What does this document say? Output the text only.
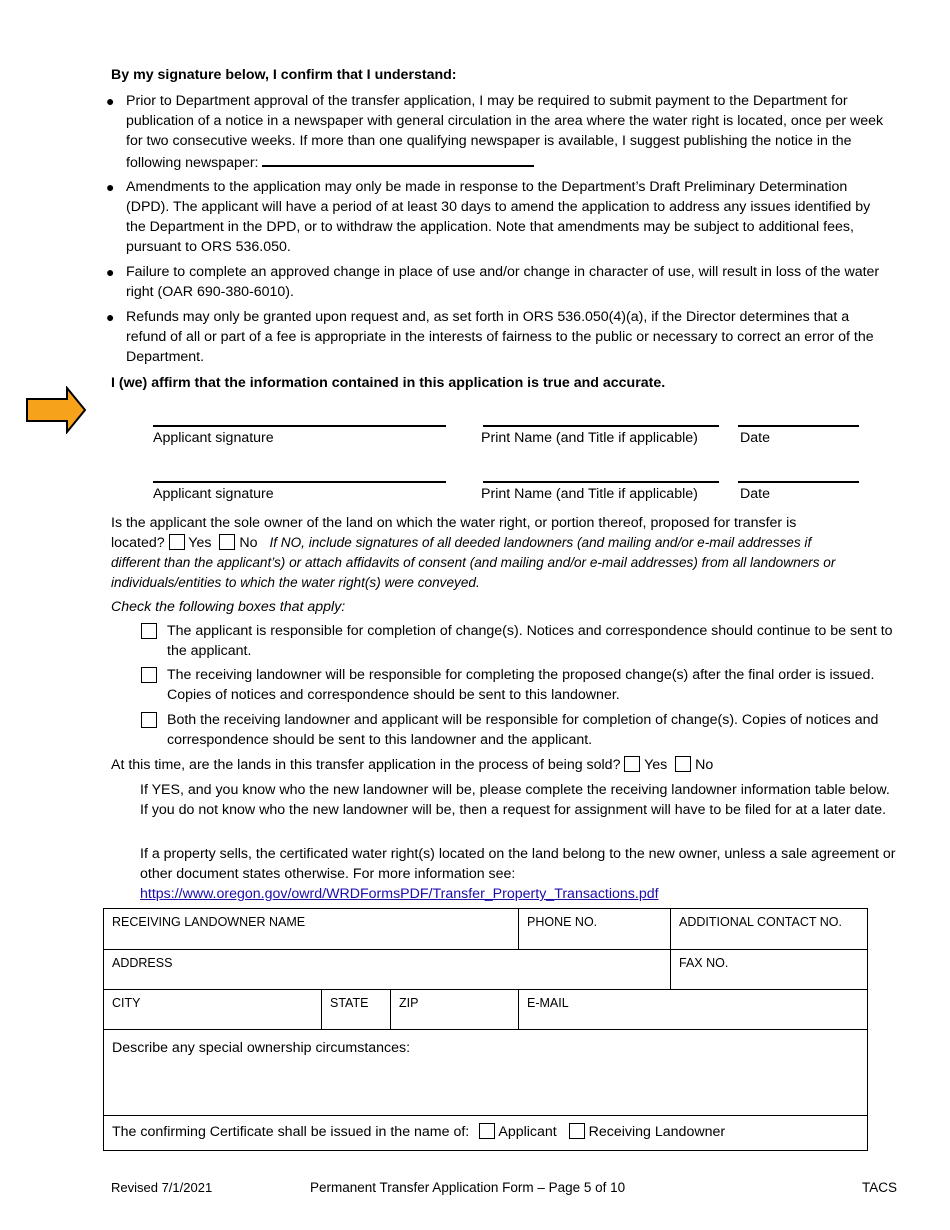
By my signature below, I confirm that I understand:
● Prior to Department approval of the transfer application, I may be required to submit payment to the Department for publication of a notice in a newspaper with general circulation in the area where the water right is located, once per week for two consecutive weeks. If more than one qualifying newspaper is available, I suggest publishing the notice in the following newspaper:
● Amendments to the application may only be made in response to the Department’s Draft Preliminary Determination (DPD). The applicant will have a period of at least 30 days to amend the application to address any issues identified by the Department in the DPD, or to withdraw the application. Note that amendments may be subject to additional fees, pursuant to ORS 536.050.
● Failure to complete an approved change in place of use and/or change in character of use, will result in loss of the water right (OAR 690-380-6010).
● Refunds may only be granted upon request and, as set forth in ORS 536.050(4)(a), if the Director determines that a refund of all or part of a fee is appropriate in the interests of fairness to the public or necessary to correct an error of the Department.
I (we) affirm that the information contained in this application is true and accurate.
Applicant signature	Print Name (and Title if applicable)	Date
Applicant signature	Print Name (and Title if applicable)	Date
Is the applicant the sole owner of the land on which the water right, or portion thereof, proposed for transfer is
located? Yes No If NO, include signatures of all deeded landowners (and mailing and/or e-mail addresses if
different than the applicant’s) or attach affidavits of consent (and mailing and/or e-mail addresses) from all landowners or individuals/entities to which the water right(s) were conveyed.
Check the following boxes that apply:
The applicant is responsible for completion of change(s). Notices and correspondence should continue to be sent to the applicant.
The receiving landowner will be responsible for completing the proposed change(s) after the final order is issued. Copies of notices and correspondence should be sent to this landowner.
Both the receiving landowner and applicant will be responsible for completion of change(s). Copies of notices and correspondence should be sent to this landowner and the applicant.
At this time, are the lands in this transfer application in the process of being sold? Yes No
If YES, and you know who the new landowner will be, please complete the receiving landowner information table below. If you do not know who the new landowner will be, then a request for assignment will have to be filed for at a later date.
If a property sells, the certificated water right(s) located on the land belong to the new owner, unless a sale agreement or other document states otherwise. For more information see:
https://www.oregon.gov/owrd/WRDFormsPDF/Transfer_Property_Transactions.pdf
RECEIVING LANDOWNER NAME			PHONE NO.	ADDITIONAL CONTACT NO.
ADDRESS				FAX NO.
CITY	STATE	ZIP	E-MAIL	
Describe any special ownership circumstances:				
The confirming Certificate shall be issued in the name of: Applicant Receiving Landowner				
Revised 7/1/2021	Permanent Transfer Application Form – Page 5 of 10	TACS
